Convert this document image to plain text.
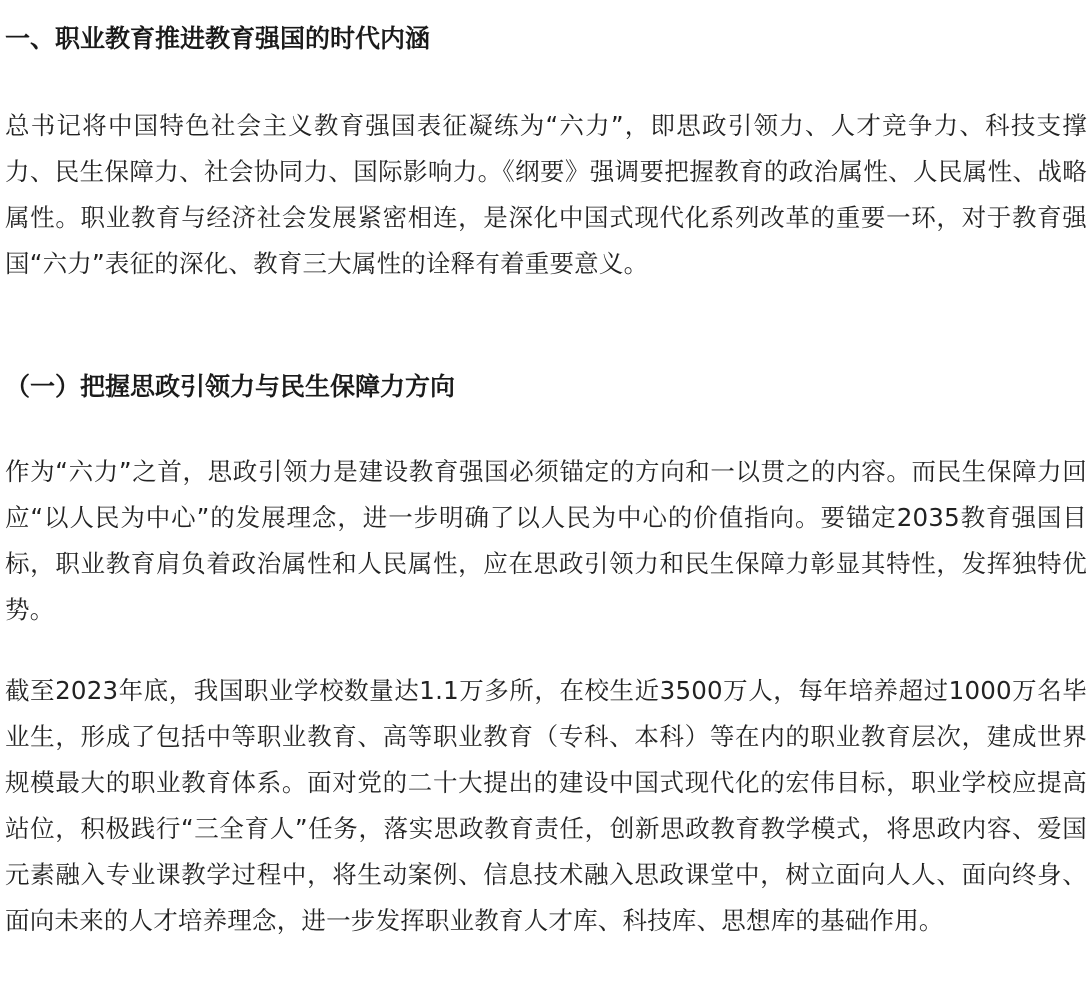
一、职业教育推进教育强国的时代内涵

总书记将中国特色社会主义教育强国表征凝练为“六力”，即思政引领力、人才竞争力、科技支撑力、民生保障力、社会协同力、国际影响力。《纲要》强调要把握教育的政治属性、人民属性、战略属性。职业教育与经济社会发展紧密相连，是深化中国式现代化系列改革的重要一环，对于教育强国“六力”表征的深化、教育三大属性的诠释有着重要意义。

（一）把握思政引领力与民生保障力方向

作为“六力”之首，思政引领力是建设教育强国必须锚定的方向和一以贯之的内容。而民生保障力回应“以人民为中心”的发展理念，进一步明确了以人民为中心的价值指向。要锚定2035教育强国目标，职业教育肩负着政治属性和人民属性，应在思政引领力和民生保障力彰显其特性，发挥独特优势。

截至2023年底，我国职业学校数量达1.1万多所，在校生近3500万人，每年培养超过1000万名毕业生，形成了包括中等职业教育、高等职业教育（专科、本科）等在内的职业教育层次，建成世界规模最大的职业教育体系。面对党的二十大提出的建设中国式现代化的宏伟目标，职业学校应提高站位，积极践行“三全育人”任务，落实思政教育责任，创新思政教育教学模式，将思政内容、爱国元素融入专业课教学过程中，将生动案例、信息技术融入思政课堂中，树立面向人人、面向终身、面向未来的人才培养理念，进一步发挥职业教育人才库、科技库、思想库的基础作用。
